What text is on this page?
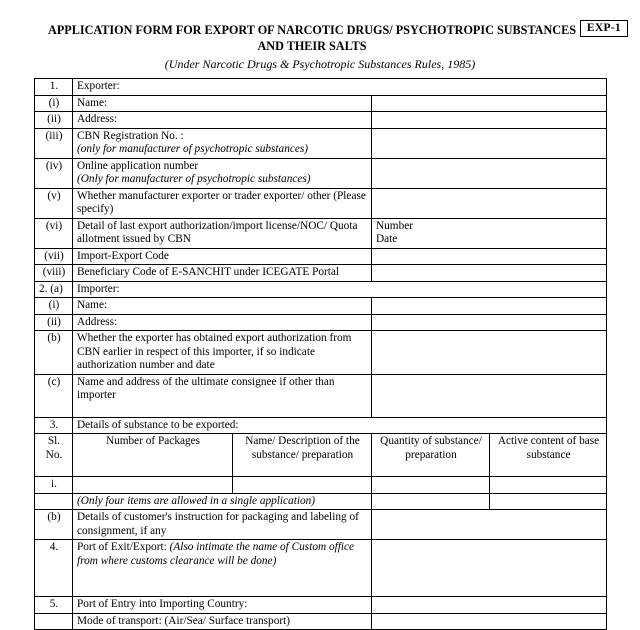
EXP-1
APPLICATION FORM FOR EXPORT OF NARCOTIC DRUGS/ PSYCHOTROPIC SUBSTANCES AND THEIR SALTS
(Under Narcotic Drugs & Psychotropic Substances Rules, 1985)
1.	Exporter:			
(i)	Name:			
(ii)	Address:			
(iii)	CBN Registration No. :
(only for manufacturer of psychotropic substances)			
(iv)	Online application number
(Only for manufacturer of psychotropic substances)			
(v)	Whether manufacturer exporter or trader exporter/ other (Please specify)			
(vi)	Detail of last export authorization/import license/NOC/ Quota allotment issued by CBN		Number
Date	
(vii)	Import-Export Code			
(viii)	Beneficiary Code of E-SANCHIT under ICEGATE Portal			
2. (a)	Importer:			
(i)	Name:			
(ii)	Address:			
(b)	Whether the exporter has obtained export authorization from CBN earlier in respect of this importer, if so indicate authorization number and date			
(c)	Name and address of the ultimate consignee if other than importer			
3.	Details of substance to be exported:			
Sl. No.	Number of Packages	Name/ Description of the substance/ preparation	Quantity of substance/ preparation	Active content of base substance
i.				
	(Only four items are allowed in a single application)			
(b)	Details of customer's instruction for packaging and labeling of consignment, if any			
4.	Port of Exit/Export: (Also intimate the name of Custom office from where customs clearance will be done)			
5.	Port of Entry into Importing Country:			
	Mode of transport: (Air/Sea/ Surface transport)			
